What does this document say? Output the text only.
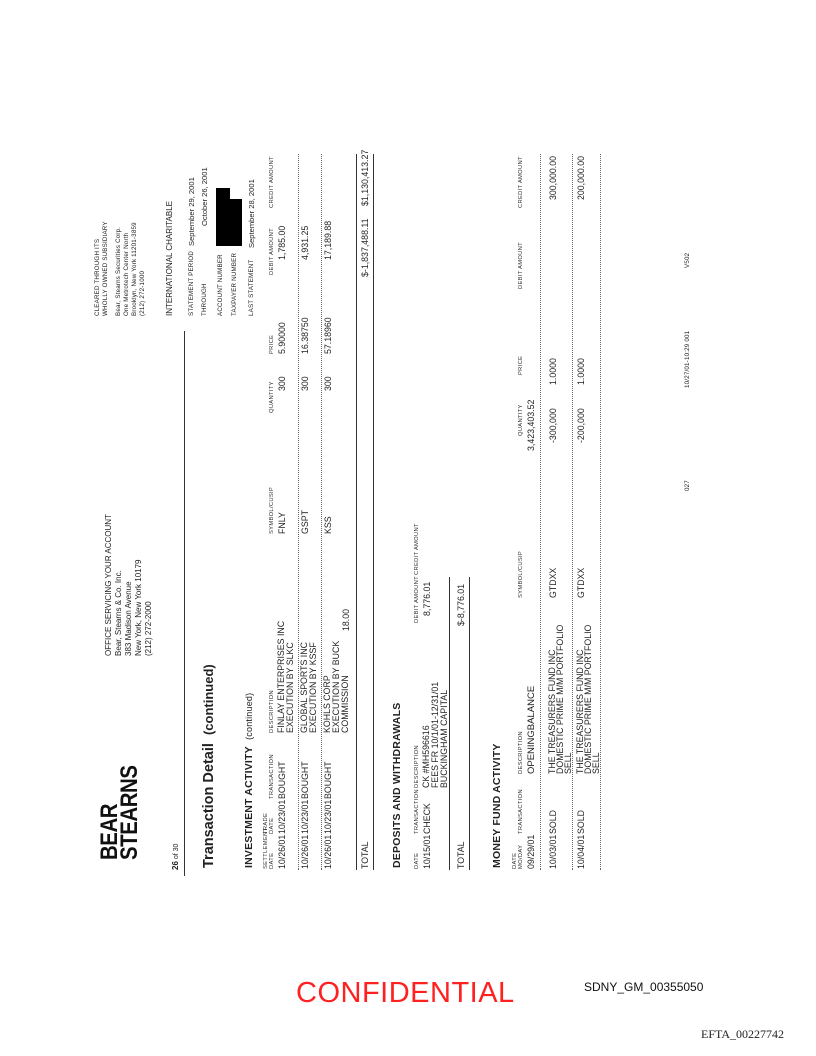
BEAR
STEARNS
26 of 30
OFFICE SERVICING YOUR ACCOUNT Bear, Stearns & Co. Inc. 383 Madison Avenue New York, New York 10179 (212) 272-2000
CLEARED THROUGH ITS WHOLLY OWNED SUBSIDIARY Bear, Stearns Securities Corp. One Metrotech Center North Brooklyn, New York 11201-3859 (212) 272-1000 INTERNATIONAL CHARITABLE STATEMENT PERIOD
September 29, 2001
THROUGH
October 26, 2001
ACCOUNT NUMBER TAXPAYER NUMBER LAST STATEMENT
September 28, 2001
Transaction Detail  (continued)
INVESTMENT ACTIVITY  (continued)
SETTLEMENT DATE
TRADE DATE
TRANSACTION
DESCRIPTION
SYMBOL/CUSIP
QUANTITY
PRICE
DEBIT AMOUNT
CREDIT AMOUNT
10/26/01
10/23/01
BOUGHT
FINLAY ENTERPRISES INC EXECUTION BY SLKC
FNLY
300
5.90000
1,785.00
10/26/01
10/23/01
BOUGHT
GLOBAL SPORTS INC EXECUTION BY KSSF
GSPT
300
16.38750
4,931.25
10/26/01
10/23/01
BOUGHT
KOHLS CORP EXECUTION BY BUCK COMMISSION
18.00
KSS
300
57.18960
17,189.88
TOTAL
$-1,837,488.11
$1,130,413.27
DEPOSITS AND WITHDRAWALS DATE
TRANSACTION
DESCRIPTION
DEBIT AMOUNT
CREDIT AMOUNT
10/15/01
CHECK
CK #MH596616 FEES FR 10/1/01-12/31/01 BUCKINGHAM CAPITAL
8,776.01
TOTAL
$-8,776.01
MONEY FUND ACTIVITY DATE MO/DAY
TRANSACTION
DESCRIPTION
SYMBOL/CUSIP
QUANTITY
PRICE
DEBIT AMOUNT
CREDIT AMOUNT
09/29/01
OPENINGBALANCE
3,423,403.52
10/03/01
SOLD
THE TREASURERS FUND INC
DOMESTIC PRIME M/M PORTFOLIO
SELL
GTDXX
-300,000
1.0000
300,000.00
10/04/01
SOLD
THE TREASURERS FUND INC
DOMESTIC PRIME M/M PORTFOLIO
SELL
GTDXX
-200,000
1.0000
200,000.00
027
10/27/01-10:29 001
V502
CONFIDENTIAL	SDNY_GM_00355050
EFTA_00227742
